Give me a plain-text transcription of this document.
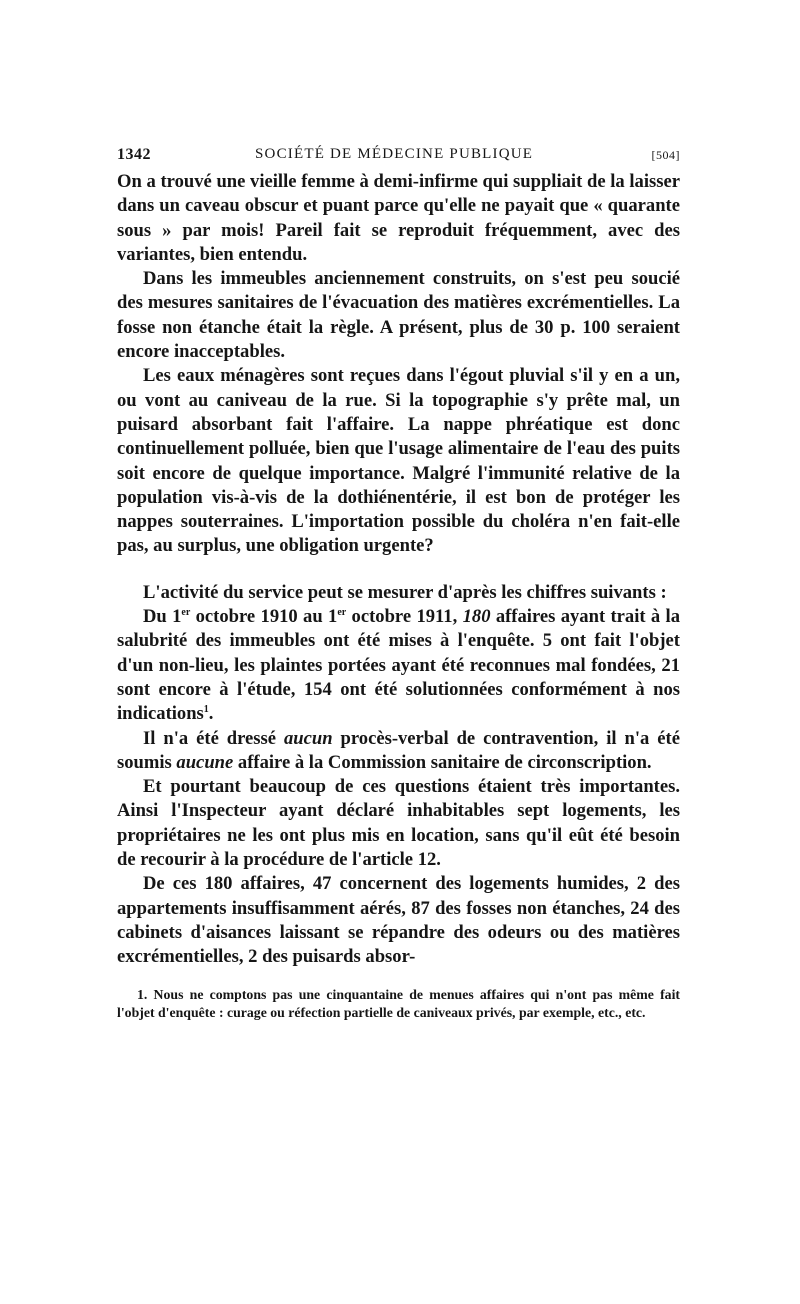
1342	SOCIÉTÉ DE MÉDECINE PUBLIQUE	[504]

On a trouvé une vieille femme à demi-infirme qui suppliait de la laisser dans un caveau obscur et puant parce qu'elle ne payait que « quarante sous » par mois! Pareil fait se reproduit fréquemment, avec des variantes, bien entendu.

Dans les immeubles anciennement construits, on s'est peu soucié des mesures sanitaires de l'évacuation des matières excrémentielles. La fosse non étanche était la règle. A présent, plus de 30 p. 100 seraient encore inacceptables.

Les eaux ménagères sont reçues dans l'égout pluvial s'il y en a un, ou vont au caniveau de la rue. Si la topographie s'y prête mal, un puisard absorbant fait l'affaire. La nappe phréatique est donc continuellement polluée, bien que l'usage alimentaire de l'eau des puits soit encore de quelque importance. Malgré l'immunité relative de la population vis-à-vis de la dothiénentérie, il est bon de protéger les nappes souterraines. L'importation possible du choléra n'en fait-elle pas, au surplus, une obligation urgente?

L'activité du service peut se mesurer d'après les chiffres suivants :

Du 1er octobre 1910 au 1er octobre 1911, 180 affaires ayant trait à la salubrité des immeubles ont été mises à l'enquête. 5 ont fait l'objet d'un non-lieu, les plaintes portées ayant été reconnues mal fondées, 21 sont encore à l'étude, 154 ont été solutionnées conformément à nos indications$^1$.

Il n'a été dressé aucun procès-verbal de contravention, il n'a été soumis aucune affaire à la Commission sanitaire de circonscription.

Et pourtant beaucoup de ces questions étaient très importantes. Ainsi l'Inspecteur ayant déclaré inhabitables sept logements, les propriétaires ne les ont plus mis en location, sans qu'il eût été besoin de recourir à la procédure de l'article 12.

De ces 180 affaires, 47 concernent des logements humides, 2 des appartements insuffisamment aérés, 87 des fosses non étanches, 24 des cabinets d'aisances laissant se répandre des odeurs ou des matières excrémentielles, 2 des puisards absor-

1. Nous ne comptons pas une cinquantaine de menues affaires qui n'ont pas même fait l'objet d'enquête : curage ou réfection partielle de caniveaux privés, par exemple, etc., etc.
